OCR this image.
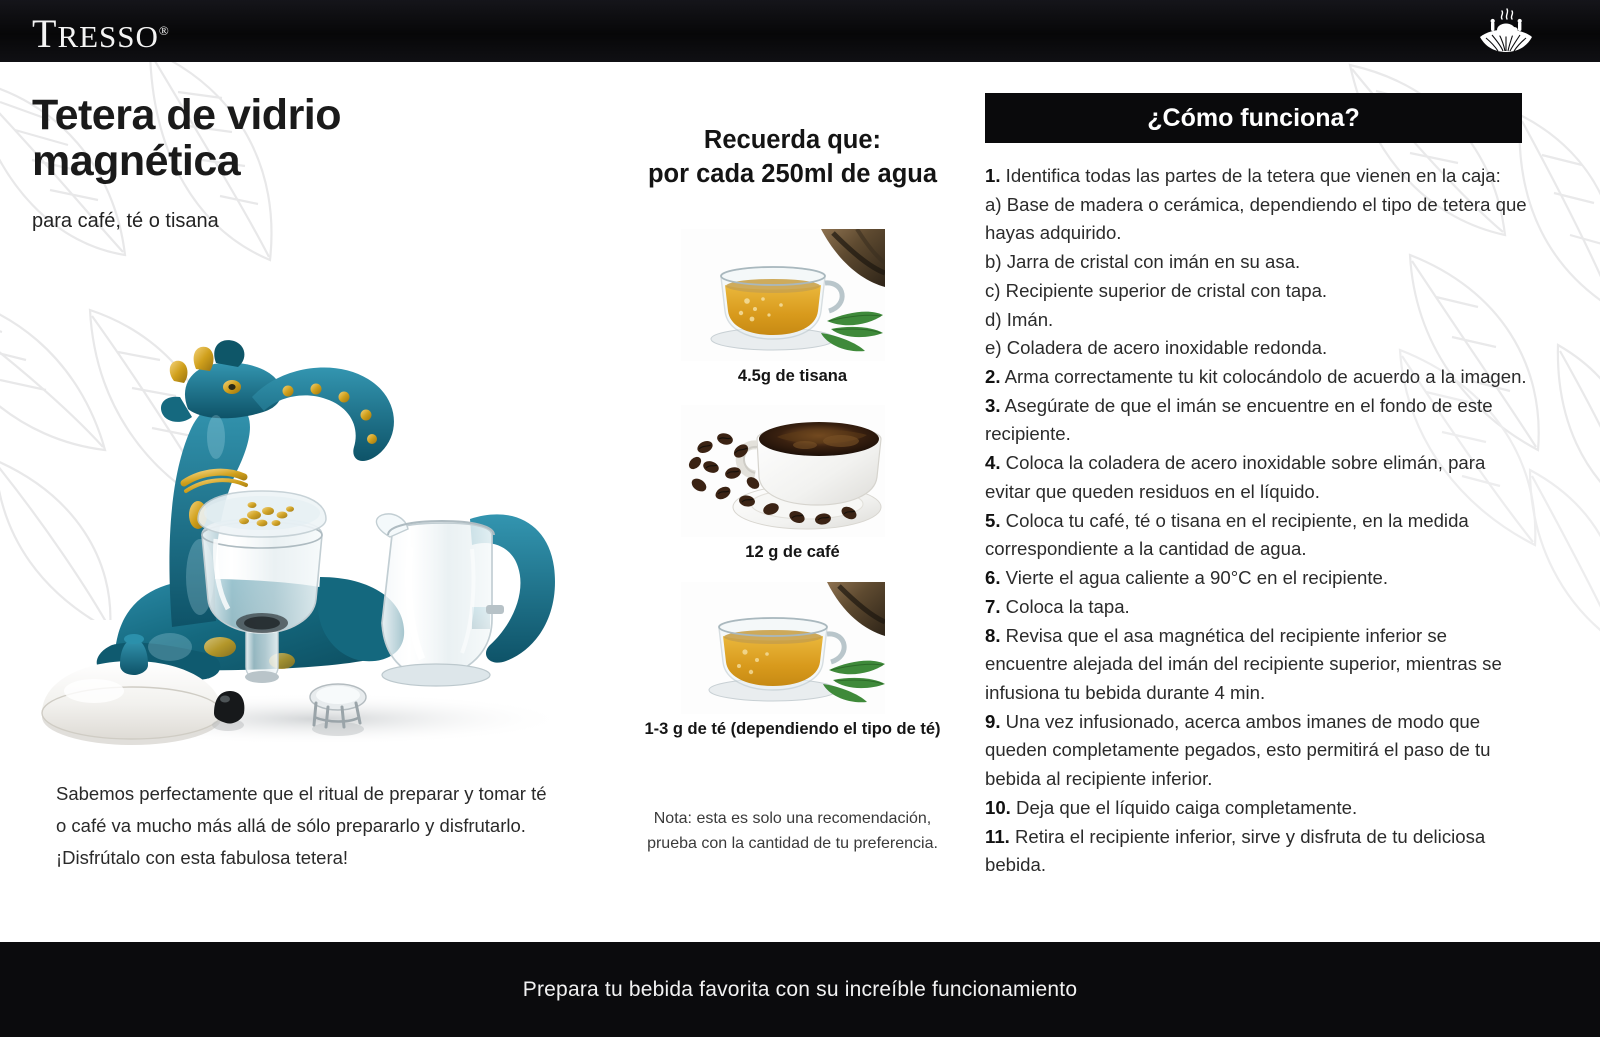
TRESSO®
Tetera de vidrio magnética
para café, té o tisana
Sabemos perfectamente que el ritual de preparar y tomar té
o café va mucho más allá de sólo prepararlo y disfrutarlo.
¡Disfrútalo con esta fabulosa tetera!
Recuerda que:
por cada 250ml de agua
4.5g de tisana
12 g de café
1-3 g de té (dependiendo el tipo de té)
Nota: esta es solo una recomendación,
prueba con la cantidad de tu preferencia.
¿Cómo funciona?

1. Identifica todas las partes de la tetera que vienen en la caja:

a) Base de madera o cerámica, dependiendo el tipo de tetera que hayas adquirido.

b) Jarra de cristal con imán en su asa.

c) Recipiente superior de cristal con tapa.

d) Imán.

e) Coladera de acero inoxidable redonda.

2. Arma correctamente tu kit colocándolo de acuerdo a la imagen.

3. Asegúrate de que el imán se encuentre en el fondo de este recipiente.

4. Coloca la coladera de acero inoxidable sobre elimán, para evitar que queden residuos en el líquido.

5. Coloca tu café, té o tisana en el recipiente, en la medida correspondiente a la cantidad de agua.

6. Vierte el agua caliente a 90°C en el recipiente.

7. Coloca la tapa.

8. Revisa que el asa magnética del recipiente inferior se encuentre alejada del imán del recipiente superior, mientras se infusiona tu bebida durante 4 min.

9. Una vez infusionado, acerca ambos imanes de modo que queden completamente pegados, esto permitirá el paso de tu bebida al recipiente inferior.

10. Deja que el líquido caiga completamente.

11. Retira el recipiente inferior, sirve y disfruta de tu deliciosa bebida.

Prepara tu bebida favorita con su increíble funcionamiento
